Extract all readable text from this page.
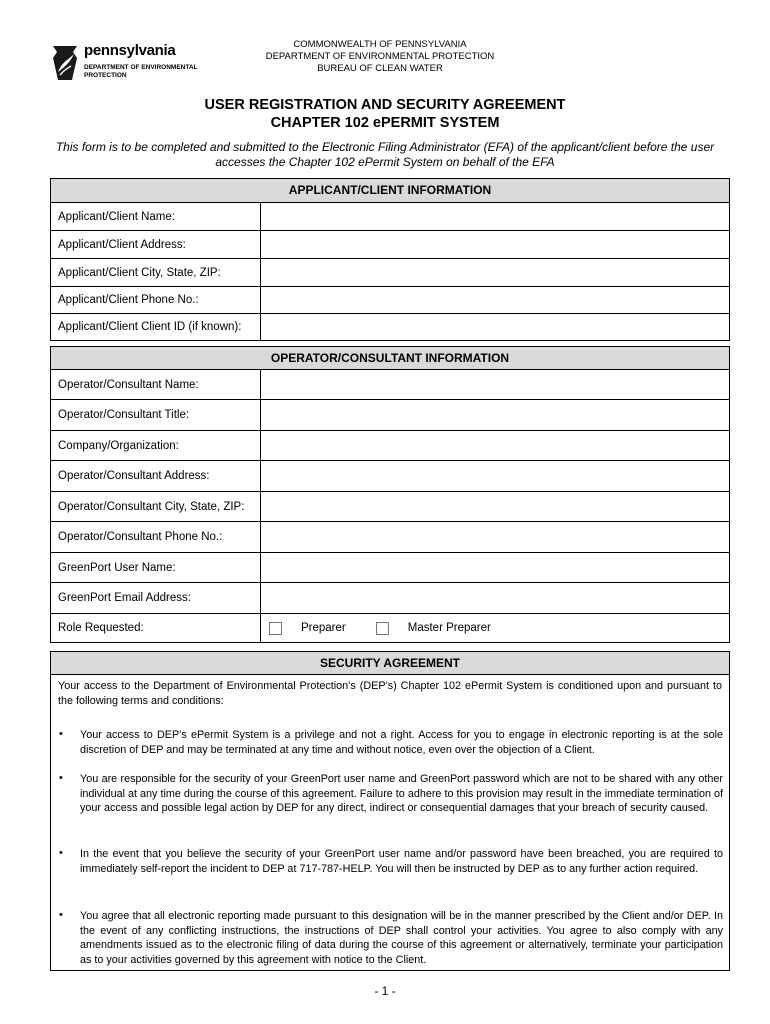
pennsylvania
DEPARTMENT OF ENVIRONMENTAL PROTECTION
COMMONWEALTH OF PENNSYLVANIA
DEPARTMENT OF ENVIRONMENTAL PROTECTION
BUREAU OF CLEAN WATER
USER REGISTRATION AND SECURITY AGREEMENT
CHAPTER 102 ePERMIT SYSTEM
This form is to be completed and submitted to the Electronic Filing Administrator (EFA) of the applicant/client before the user accesses the Chapter 102 ePermit System on behalf of the EFA
APPLICANT/CLIENT INFORMATION
Applicant/Client Name:
Applicant/Client Address:
Applicant/Client City, State, ZIP:
Applicant/Client Phone No.:
Applicant/Client Client ID (if known):
OPERATOR/CONSULTANT INFORMATION
Operator/Consultant Name:
Operator/Consultant Title:
Company/Organization:
Operator/Consultant Address:
Operator/Consultant City, State, ZIP:
Operator/Consultant Phone No.:
GreenPort User Name:
GreenPort Email Address:
Role Requested:	Preparer	Master Preparer
SECURITY AGREEMENT
Your access to the Department of Environmental Protection’s (DEP’s) Chapter 102 ePermit System is conditioned upon and pursuant to the following terms and conditions:
• Your access to DEP’s ePermit System is a privilege and not a right. Access for you to engage in electronic reporting is at the sole discretion of DEP and may be terminated at any time and without notice, even over the objection of a Client.
• You are responsible for the security of your GreenPort user name and GreenPort password which are not to be shared with any other individual at any time during the course of this agreement. Failure to adhere to this provision may result in the immediate termination of your access and possible legal action by DEP for any direct, indirect or consequential damages that your breach of security caused.
• In the event that you believe the security of your GreenPort user name and/or password have been breached, you are required to immediately self-report the incident to DEP at 717-787-HELP. You will then be instructed by DEP as to any further action required.
• You agree that all electronic reporting made pursuant to this designation will be in the manner prescribed by the Client and/or DEP. In the event of any conflicting instructions, the instructions of DEP shall control your activities. You agree to also comply with any amendments issued as to the electronic filing of data during the course of this agreement or alternatively, terminate your participation as to your activities governed by this agreement with notice to the Client.
- 1 -
